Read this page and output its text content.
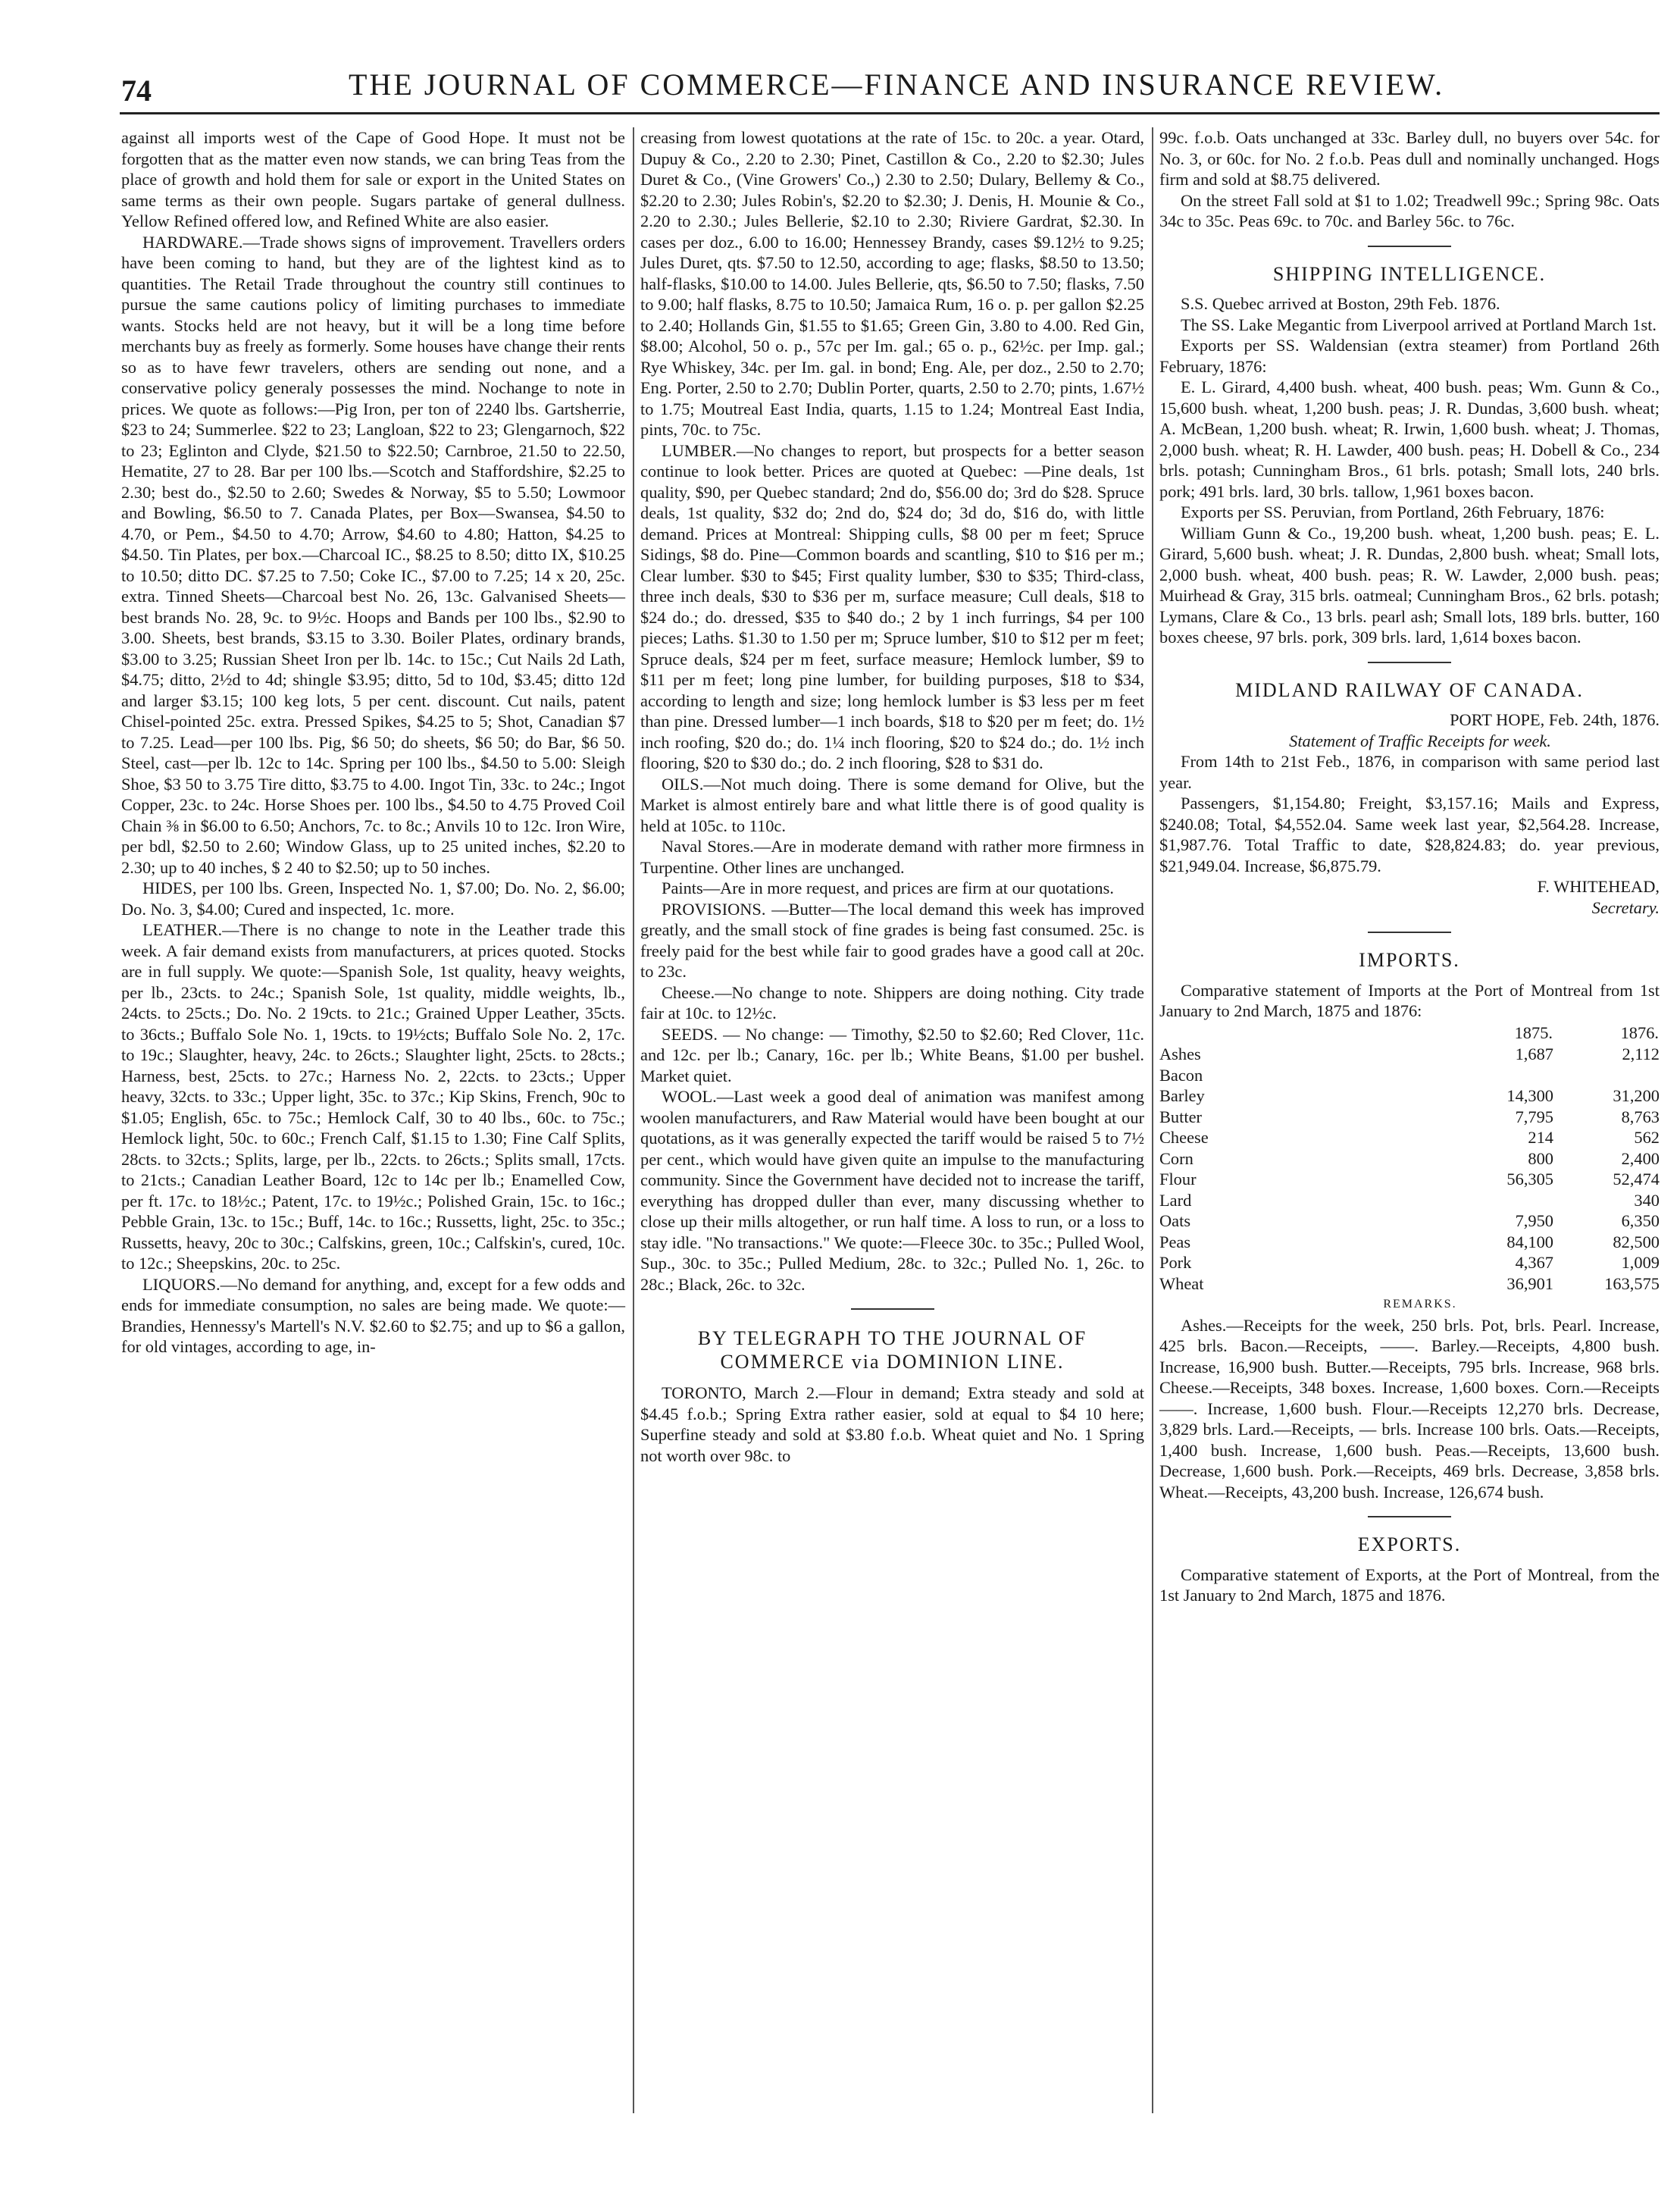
74	THE JOURNAL OF COMMERCE—FINANCE AND INSURANCE REVIEW.

against all imports west of the Cape of Good Hope. It must not be forgotten that as the matter even now stands, we can bring Teas from the place of growth and hold them for sale or export in the United States on same terms as their own people. Sugars partake of general dullness. Yellow Refined offered low, and Refined White are also easier.

HARDWARE.—Trade shows signs of improvement. Travellers orders have been coming to hand, but they are of the lightest kind as to quantities. The Retail Trade throughout the country still continues to pursue the same cautions policy of limiting purchases to immediate wants. Stocks held are not heavy, but it will be a long time before merchants buy as freely as formerly. Some houses have change their rents so as to have fewr travelers, others are sending out none, and a conservative policy generaly possesses the mind. Nochange to note in prices. We quote as follows:—Pig Iron, per ton of 2240 lbs. Gartsherrie, $23 to 24; Summerlee. $22 to 23; Langloan, $22 to 23; Glengarnoch, $22 to 23; Eglinton and Clyde, $21.50 to $22.50; Carnbroe, 21.50 to 22.50, Hematite, 27 to 28. Bar per 100 lbs.—Scotch and Staffordshire, $2.25 to 2.30; best do., $2.50 to 2.60; Swedes & Norway, $5 to 5.50; Lowmoor and Bowling, $6.50 to 7. Canada Plates, per Box—Swansea, $4.50 to 4.70, or Pem., $4.50 to 4.70; Arrow, $4.60 to 4.80; Hatton, $4.25 to $4.50. Tin Plates, per box.—Charcoal IC., $8.25 to 8.50; ditto IX, $10.25 to 10.50; ditto DC. $7.25 to 7.50; Coke IC., $7.00 to 7.25; 14 x 20, 25c. extra. Tinned Sheets—Charcoal best No. 26, 13c. Galvanised Sheets—best brands No. 28, 9c. to 9½c. Hoops and Bands per 100 lbs., $2.90 to 3.00. Sheets, best brands, $3.15 to 3.30. Boiler Plates, ordinary brands, $3.00 to 3.25; Russian Sheet Iron per lb. 14c. to 15c.; Cut Nails 2d Lath, $4.75; ditto, 2½d to 4d; shingle $3.95; ditto, 5d to 10d, $3.45; ditto 12d and larger $3.15; 100 keg lots, 5 per cent. discount. Cut nails, patent Chisel-pointed 25c. extra. Pressed Spikes, $4.25 to 5; Shot, Canadian $7 to 7.25. Lead—per 100 lbs. Pig, $6 50; do sheets, $6 50; do Bar, $6 50. Steel, cast—per lb. 12c to 14c. Spring per 100 lbs., $4.50 to 5.00: Sleigh Shoe, $3 50 to 3.75 Tire ditto, $3.75 to 4.00. Ingot Tin, 33c. to 24c.; Ingot Copper, 23c. to 24c. Horse Shoes per. 100 lbs., $4.50 to 4.75 Proved Coil Chain ⅜ in $6.00 to 6.50; Anchors, 7c. to 8c.; Anvils 10 to 12c. Iron Wire, per bdl, $2.50 to 2.60; Window Glass, up to 25 united inches, $2.20 to 2.30; up to 40 inches, $ 2 40 to $2.50; up to 50 inches.

HIDES, per 100 lbs. Green, Inspected No. 1, $7.00; Do. No. 2, $6.00; Do. No. 3, $4.00; Cured and inspected, 1c. more.

LEATHER.—There is no change to note in the Leather trade this week. A fair demand exists from manufacturers, at prices quoted. Stocks are in full supply. We quote:—Spanish Sole, 1st quality, heavy weights, per lb., 23cts. to 24c.; Spanish Sole, 1st quality, middle weights, lb., 24cts. to 25cts.; Do. No. 2 19cts. to 21c.; Grained Upper Leather, 35cts. to 36cts.; Buffalo Sole No. 1, 19cts. to 19½cts; Buffalo Sole No. 2, 17c. to 19c.; Slaughter, heavy, 24c. to 26cts.; Slaughter light, 25cts. to 28cts.; Harness, best, 25cts. to 27c.; Harness No. 2, 22cts. to 23cts.; Upper heavy, 32cts. to 33c.; Upper light, 35c. to 37c.; Kip Skins, French, 90c to $1.05; English, 65c. to 75c.; Hemlock Calf, 30 to 40 lbs., 60c. to 75c.; Hemlock light, 50c. to 60c.; French Calf, $1.15 to 1.30; Fine Calf Splits, 28cts. to 32cts.; Splits, large, per lb., 22cts. to 26cts.; Splits small, 17cts. to 21cts.; Canadian Leather Board, 12c to 14c per lb.; Enamelled Cow, per ft. 17c. to 18½c.; Patent, 17c. to 19½c.; Polished Grain, 15c. to 16c.; Pebble Grain, 13c. to 15c.; Buff, 14c. to 16c.; Russetts, light, 25c. to 35c.; Russetts, heavy, 20c to 30c.; Calfskins, green, 10c.; Calfskin's, cured, 10c. to 12c.; Sheepskins, 20c. to 25c.

LIQUORS.—No demand for anything, and, except for a few odds and ends for immediate consumption, no sales are being made. We quote:— Brandies, Hennessy's Martell's N.V. $2.60 to $2.75; and up to $6 a gallon, for old vintages, according to age, in-

creasing from lowest quotations at the rate of 15c. to 20c. a year. Otard, Dupuy & Co., 2.20 to 2.30; Pinet, Castillon & Co., 2.20 to $2.30; Jules Duret & Co., (Vine Growers' Co.,) 2.30 to 2.50; Dulary, Bellemy & Co., $2.20 to 2.30; Jules Robin's, $2.20 to $2.30; J. Denis, H. Mounie & Co., 2.20 to 2.30.; Jules Bellerie, $2.10 to 2.30; Riviere Gardrat, $2.30. In cases per doz., 6.00 to 16.00; Hennessey Brandy, cases $9.12½ to 9.25; Jules Duret, qts. $7.50 to 12.50, according to age; flasks, $8.50 to 13.50; half-flasks, $10.00 to 14.00. Jules Bellerie, qts, $6.50 to 7.50; flasks, 7.50 to 9.00; half flasks, 8.75 to 10.50; Jamaica Rum, 16 o. p. per gallon $2.25 to 2.40; Hollands Gin, $1.55 to $1.65; Green Gin, 3.80 to 4.00. Red Gin, $8.00; Alcohol, 50 o. p., 57c per Im. gal.; 65 o. p., 62½c. per Imp. gal.; Rye Whiskey, 34c. per Im. gal. in bond; Eng. Ale, per doz., 2.50 to 2.70; Eng. Porter, 2.50 to 2.70; Dublin Porter, quarts, 2.50 to 2.70; pints, 1.67½ to 1.75; Moutreal East India, quarts, 1.15 to 1.24; Montreal East India, pints, 70c. to 75c.

LUMBER.—No changes to report, but prospects for a better season continue to look better. Prices are quoted at Quebec: —Pine deals, 1st quality, $90, per Quebec standard; 2nd do, $56.00 do; 3rd do $28. Spruce deals, 1st quality, $32 do; 2nd do, $24 do; 3d do, $16 do, with little demand. Prices at Montreal: Shipping culls, $8 00 per m feet; Spruce Sidings, $8 do. Pine—Common boards and scantling, $10 to $16 per m.; Clear lumber. $30 to $45; First quality lumber, $30 to $35; Third-class, three inch deals, $30 to $36 per m, surface measure; Cull deals, $18 to $24 do.; do. dressed, $35 to $40 do.; 2 by 1 inch furrings, $4 per 100 pieces; Laths. $1.30 to 1.50 per m; Spruce lumber, $10 to $12 per m feet; Spruce deals, $24 per m feet, surface measure; Hemlock lumber, $9 to $11 per m feet; long pine lumber, for building purposes, $18 to $34, according to length and size; long hemlock lumber is $3 less per m feet than pine. Dressed lumber—1 inch boards, $18 to $20 per m feet; do. 1½ inch roofing, $20 do.; do. 1¼ inch flooring, $20 to $24 do.; do. 1½ inch flooring, $20 to $30 do.; do. 2 inch flooring, $28 to $31 do.

OILS.—Not much doing. There is some demand for Olive, but the Market is almost entirely bare and what little there is of good quality is held at 105c. to 110c.

Naval Stores.—Are in moderate demand with rather more firmness in Turpentine. Other lines are unchanged.

Paints—Are in more request, and prices are firm at our quotations.

PROVISIONS. —Butter—The local demand this week has improved greatly, and the small stock of fine grades is being fast consumed. 25c. is freely paid for the best while fair to good grades have a good call at 20c. to 23c.

Cheese.—No change to note. Shippers are doing nothing. City trade fair at 10c. to 12½c.

SEEDS. — No change: — Timothy, $2.50 to $2.60; Red Clover, 11c. and 12c. per lb.; Canary, 16c. per lb.; White Beans, $1.00 per bushel. Market quiet.

WOOL.—Last week a good deal of animation was manifest among woolen manufacturers, and Raw Material would have been bought at our quotations, as it was generally expected the tariff would be raised 5 to 7½ per cent., which would have given quite an impulse to the manufacturing community. Since the Government have decided not to increase the tariff, everything has dropped duller than ever, many discussing whether to close up their mills altogether, or run half time. A loss to run, or a loss to stay idle. "No transactions." We quote:—Fleece 30c. to 35c.; Pulled Wool, Sup., 30c. to 35c.; Pulled Medium, 28c. to 32c.; Pulled No. 1, 26c. to 28c.; Black, 26c. to 32c.

BY TELEGRAPH TO THE JOURNAL OF
COMMERCE via DOMINION LINE.

TORONTO, March 2.—Flour in demand; Extra steady and sold at $4.45 f.o.b.; Spring Extra rather easier, sold at equal to $4 10 here; Superfine steady and sold at $3.80 f.o.b. Wheat quiet and No. 1 Spring not worth over 98c. to

99c. f.o.b. Oats unchanged at 33c. Barley dull, no buyers over 54c. for No. 3, or 60c. for No. 2 f.o.b. Peas dull and nominally unchanged. Hogs firm and sold at $8.75 delivered.

On the street Fall sold at $1 to 1.02; Treadwell 99c.; Spring 98c. Oats 34c to 35c. Peas 69c. to 70c. and Barley 56c. to 76c.

SHIPPING INTELLIGENCE.

S.S. Quebec arrived at Boston, 29th Feb. 1876.

The SS. Lake Megantic from Liverpool arrived at Portland March 1st.

Exports per SS. Waldensian (extra steamer) from Portland 26th February, 1876:

E. L. Girard, 4,400 bush. wheat, 400 bush. peas; Wm. Gunn & Co., 15,600 bush. wheat, 1,200 bush. peas; J. R. Dundas, 3,600 bush. wheat; A. McBean, 1,200 bush. wheat; R. Irwin, 1,600 bush. wheat; J. Thomas, 2,000 bush. wheat; R. H. Lawder, 400 bush. peas; H. Dobell & Co., 234 brls. potash; Cunningham Bros., 61 brls. potash; Small lots, 240 brls. pork; 491 brls. lard, 30 brls. tallow, 1,961 boxes bacon.

Exports per SS. Peruvian, from Portland, 26th February, 1876:

William Gunn & Co., 19,200 bush. wheat, 1,200 bush. peas; E. L. Girard, 5,600 bush. wheat; J. R. Dundas, 2,800 bush. wheat; Small lots, 2,000 bush. wheat, 400 bush. peas; R. W. Lawder, 2,000 bush. peas; Muirhead & Gray, 315 brls. oatmeal; Cunningham Bros., 62 brls. potash; Lymans, Clare & Co., 13 brls. pearl ash; Small lots, 189 brls. butter, 160 boxes cheese, 97 brls. pork, 309 brls. lard, 1,614 boxes bacon.

MIDLAND RAILWAY OF CANADA.

PORT HOPE, Feb. 24th, 1876.

Statement of Traffic Receipts for week.

From 14th to 21st Feb., 1876, in comparison with same period last year.

Passengers, $1,154.80; Freight, $3,157.16; Mails and Express, $240.08; Total, $4,552.04. Same week last year, $2,564.28. Increase, $1,987.76. Total Traffic to date, $28,824.83; do. year previous, $21,949.04. Increase, $6,875.79.

F. WHITEHEAD,

Secretary.

IMPORTS.

Comparative statement of Imports at the Port of Montreal from 1st January to 2nd March, 1875 and 1876:

	1875.	1876.
Ashes	1,687	2,112
Bacon		
Barley	14,300	31,200
Butter	7,795	8,763
Cheese	214	562
Corn	800	2,400
Flour	56,305	52,474
Lard		340
Oats	7,950	6,350
Peas	84,100	82,500
Pork	4,367	1,009
Wheat	36,901	163,575

REMARKS.

Ashes.—Receipts for the week, 250 brls. Pot, brls. Pearl. Increase, 425 brls. Bacon.—Receipts, ——. Barley.—Receipts, 4,800 bush. Increase, 16,900 bush. Butter.—Receipts, 795 brls. Increase, 968 brls. Cheese.—Receipts, 348 boxes. Increase, 1,600 boxes. Corn.—Receipts ——. Increase, 1,600 bush. Flour.—Receipts 12,270 brls. Decrease, 3,829 brls. Lard.—Receipts, — brls. Increase 100 brls. Oats.—Receipts, 1,400 bush. Increase, 1,600 bush. Peas.—Receipts, 13,600 bush. Decrease, 1,600 bush. Pork.—Receipts, 469 brls. Decrease, 3,858 brls. Wheat.—Receipts, 43,200 bush. Increase, 126,674 bush.

EXPORTS.

Comparative statement of Exports, at the Port of Montreal, from the 1st January to 2nd March, 1875 and 1876.
